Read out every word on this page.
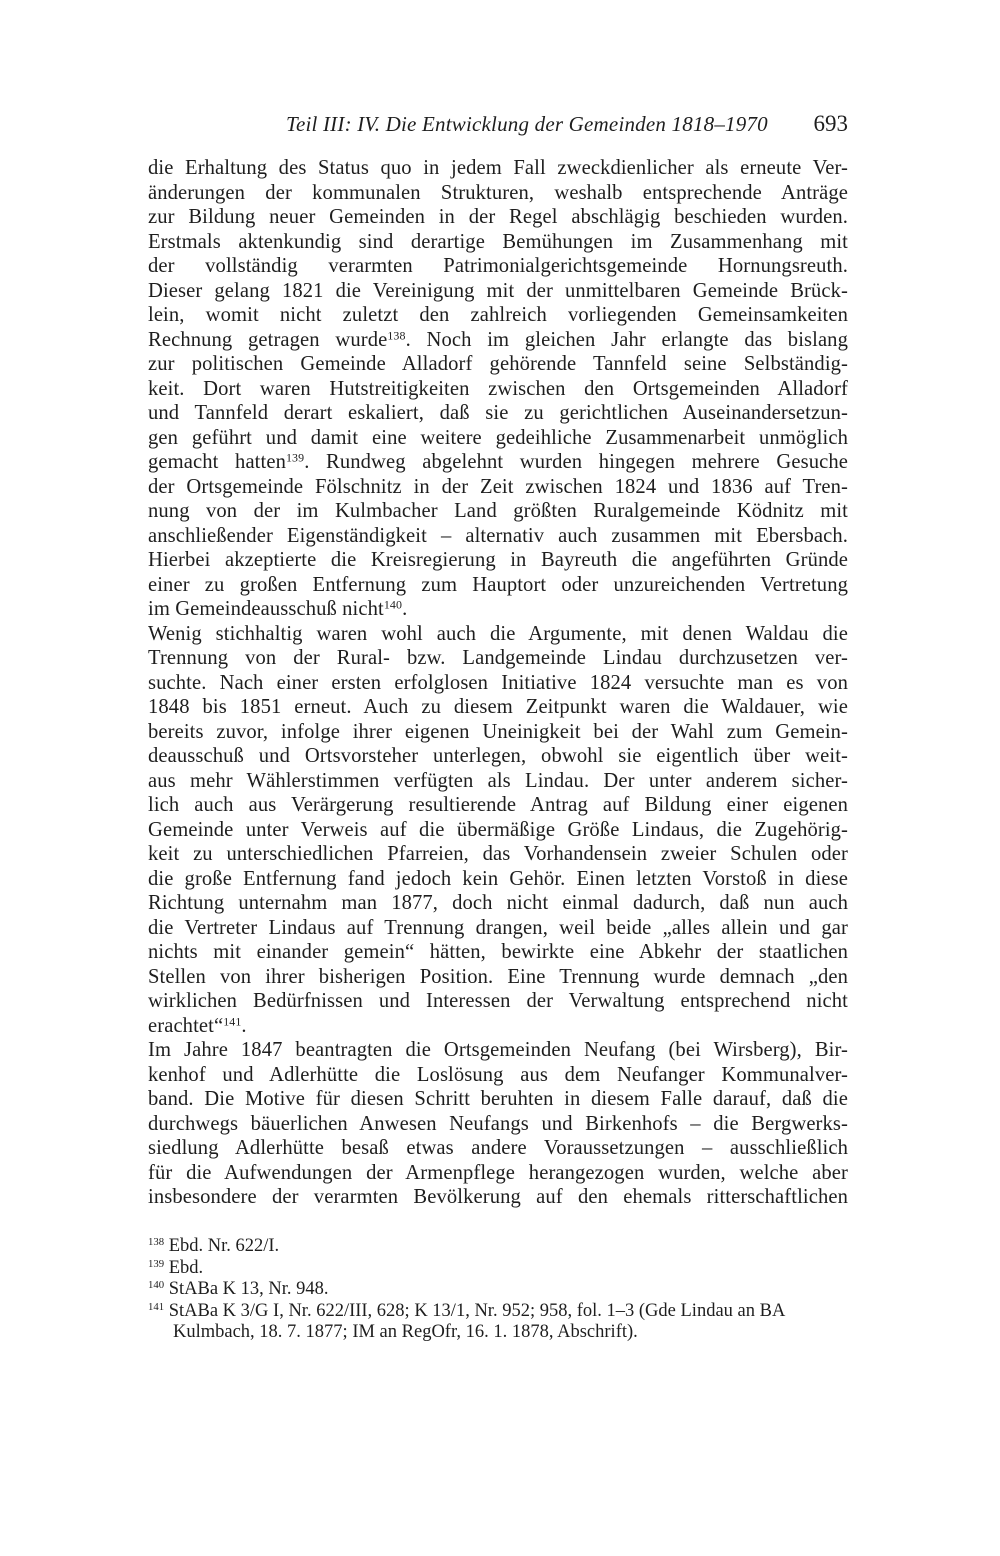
Teil III: IV. Die Entwicklung der Gemeinden 1818–1970 693
die Erhaltung des Status quo in jedem Fall zweckdienlicher als erneute Ver-
änderungen der kommunalen Strukturen, weshalb entsprechende Anträge
zur Bildung neuer Gemeinden in der Regel abschlägig beschieden wurden.
Erstmals aktenkundig sind derartige Bemühungen im Zusammenhang mit
der vollständig verarmten Patrimonialgerichtsgemeinde Hornungsreuth.
Dieser gelang 1821 die Vereinigung mit der unmittelbaren Gemeinde Brück-
lein, womit nicht zuletzt den zahlreich vorliegenden Gemeinsamkeiten
Rechnung getragen wurde$^{138}$. Noch im gleichen Jahr erlangte das bislang
zur politischen Gemeinde Alladorf gehörende Tannfeld seine Selbständig-
keit. Dort waren Hutstreitigkeiten zwischen den Ortsgemeinden Alladorf
und Tannfeld derart eskaliert, daß sie zu gerichtlichen Auseinandersetzun-
gen geführt und damit eine weitere gedeihliche Zusammenarbeit unmöglich
gemacht hatten$^{139}$. Rundweg abgelehnt wurden hingegen mehrere Gesuche
der Ortsgemeinde Fölschnitz in der Zeit zwischen 1824 und 1836 auf Tren-
nung von der im Kulmbacher Land größten Ruralgemeinde Ködnitz mit
anschließender Eigenständigkeit – alternativ auch zusammen mit Ebersbach.
Hierbei akzeptierte die Kreisregierung in Bayreuth die angeführten Gründe
einer zu großen Entfernung zum Hauptort oder unzureichenden Vertretung
im Gemeindeausschuß nicht$^{140}$.
Wenig stichhaltig waren wohl auch die Argumente, mit denen Waldau die
Trennung von der Rural- bzw. Landgemeinde Lindau durchzusetzen ver-
suchte. Nach einer ersten erfolglosen Initiative 1824 versuchte man es von
1848 bis 1851 erneut. Auch zu diesem Zeitpunkt waren die Waldauer, wie
bereits zuvor, infolge ihrer eigenen Uneinigkeit bei der Wahl zum Gemein-
deausschuß und Ortsvorsteher unterlegen, obwohl sie eigentlich über weit-
aus mehr Wählerstimmen verfügten als Lindau. Der unter anderem sicher-
lich auch aus Verärgerung resultierende Antrag auf Bildung einer eigenen
Gemeinde unter Verweis auf die übermäßige Größe Lindaus, die Zugehörig-
keit zu unterschiedlichen Pfarreien, das Vorhandensein zweier Schulen oder
die große Entfernung fand jedoch kein Gehör. Einen letzten Vorstoß in diese
Richtung unternahm man 1877, doch nicht einmal dadurch, daß nun auch
die Vertreter Lindaus auf Trennung drangen, weil beide „alles allein und gar
nichts mit einander gemein“ hätten, bewirkte eine Abkehr der staatlichen
Stellen von ihrer bisherigen Position. Eine Trennung wurde demnach „den
wirklichen Bedürfnissen und Interessen der Verwaltung entsprechend nicht
erachtet“$^{141}$.
Im Jahre 1847 beantragten die Ortsgemeinden Neufang (bei Wirsberg), Bir-
kenhof und Adlerhütte die Loslösung aus dem Neufanger Kommunalver-
band. Die Motive für diesen Schritt beruhten in diesem Falle darauf, daß die
durchwegs bäuerlichen Anwesen Neufangs und Birkenhofs – die Bergwerks-
siedlung Adlerhütte besaß etwas andere Voraussetzungen – ausschließlich
für die Aufwendungen der Armenpflege herangezogen wurden, welche aber
insbesondere der verarmten Bevölkerung auf den ehemals ritterschaftlichen
$^{138}$ Ebd. Nr. 622/I.
$^{139}$ Ebd.
$^{140}$ StABa K 13, Nr. 948.
$^{141}$ StABa K 3/G I, Nr. 622/III, 628; K 13/1, Nr. 952; 958, fol. 1–3 (Gde Lindau an BA
Kulmbach, 18. 7. 1877; IM an RegOfr, 16. 1. 1878, Abschrift).
